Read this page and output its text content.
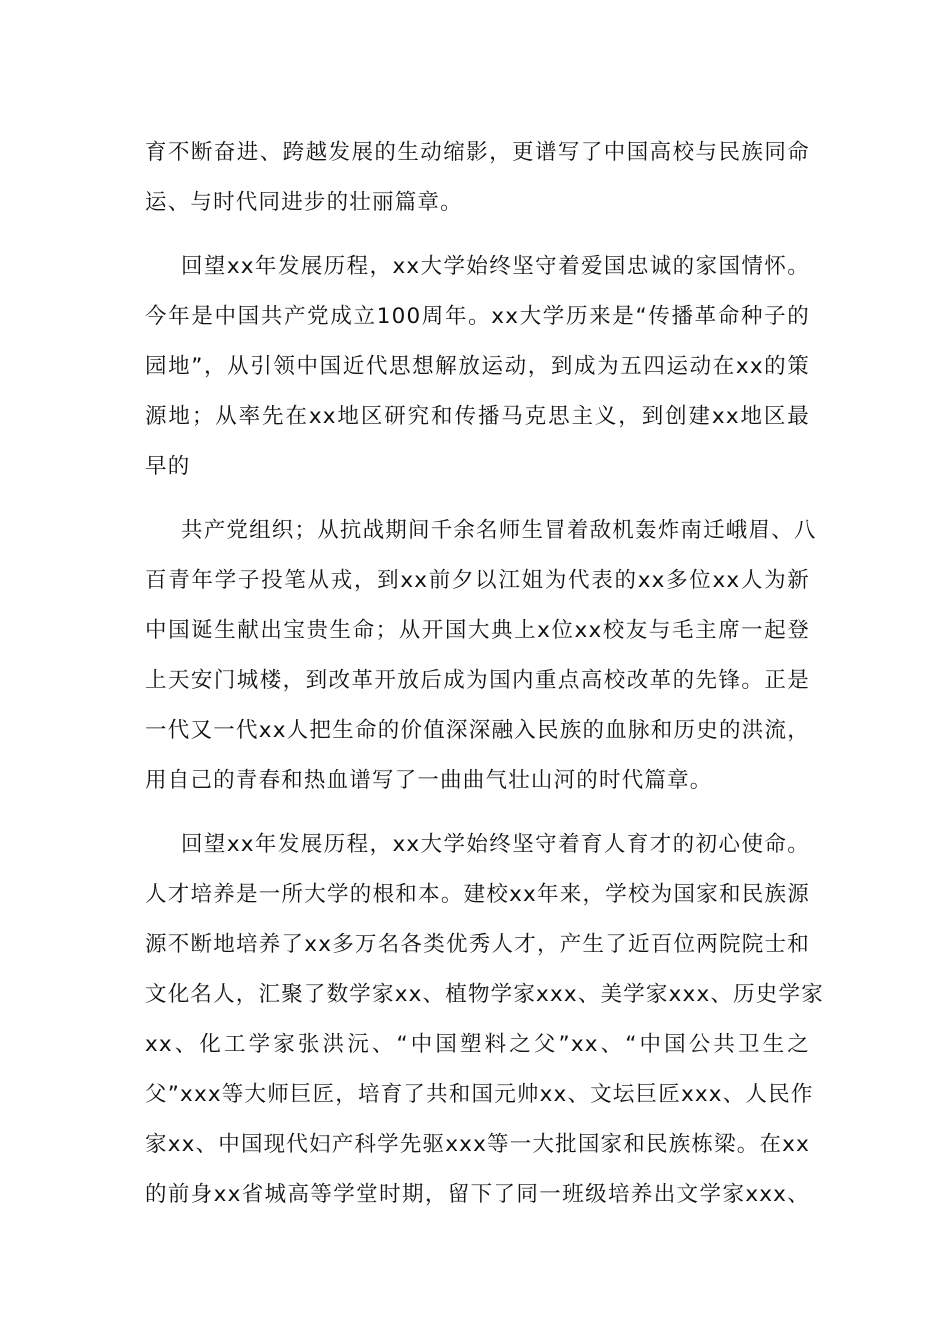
育不断奋进、跨越发展的生动缩影，更谱写了中国高校与民族同命
运、与时代同进步的壮丽篇章。
回望xx年发展历程，xx大学始终坚守着爱国忠诚的家国情怀。
今年是中国共产党成立100周年。xx大学历来是“传播革命种子的
园地”，从引领中国近代思想解放运动，到成为五四运动在xx的策
源地；从率先在xx地区研究和传播马克思主义，到创建xx地区最
早的
共产党组织；从抗战期间千余名师生冒着敌机轰炸南迁峨眉、八
百青年学子投笔从戎，到xx前夕以江姐为代表的xx多位xx人为新
中国诞生献出宝贵生命；从开国大典上x位xx校友与毛主席一起登
上天安门城楼，到改革开放后成为国内重点高校改革的先锋。正是
一代又一代xx人把生命的价值深深融入民族的血脉和历史的洪流，
用自己的青春和热血谱写了一曲曲气壮山河的时代篇章。
回望xx年发展历程，xx大学始终坚守着育人育才的初心使命。
人才培养是一所大学的根和本。建校xx年来，学校为国家和民族源
源不断地培养了xx多万名各类优秀人才，产生了近百位两院院士和
文化名人，汇聚了数学家xx、植物学家xxx、美学家xxx、历史学家
xx、化工学家张洪沅、“中国塑料之父”xx、“中国公共卫生之
父”xxx等大师巨匠，培育了共和国元帅xx、文坛巨匠xxx、人民作
家xx、中国现代妇产科学先驱xxx等一大批国家和民族栋梁。在xx
的前身xx省城高等学堂时期，留下了同一班级培养出文学家xxx、
